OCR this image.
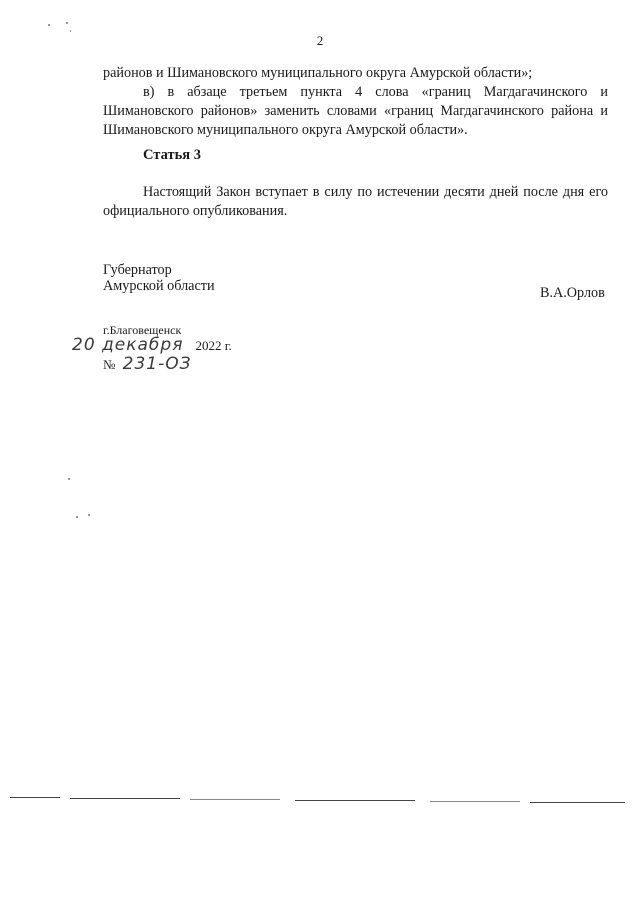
2
районов и Шимановского муниципального округа Амурской области»;
в) в абзаце третьем пункта 4 слова «границ Магдагачинского и Шимановского районов» заменить словами «границ Магдагачинского района и Шимановского муниципального округа Амурской области».
Статья 3
Настоящий Закон вступает в силу по истечении десяти дней после дня его официального опубликования.
Губернатор
Амурской области	В.А.Орлов
г.Благовещенск
20 декабря 2022 г.
№ 231-ОЗ
